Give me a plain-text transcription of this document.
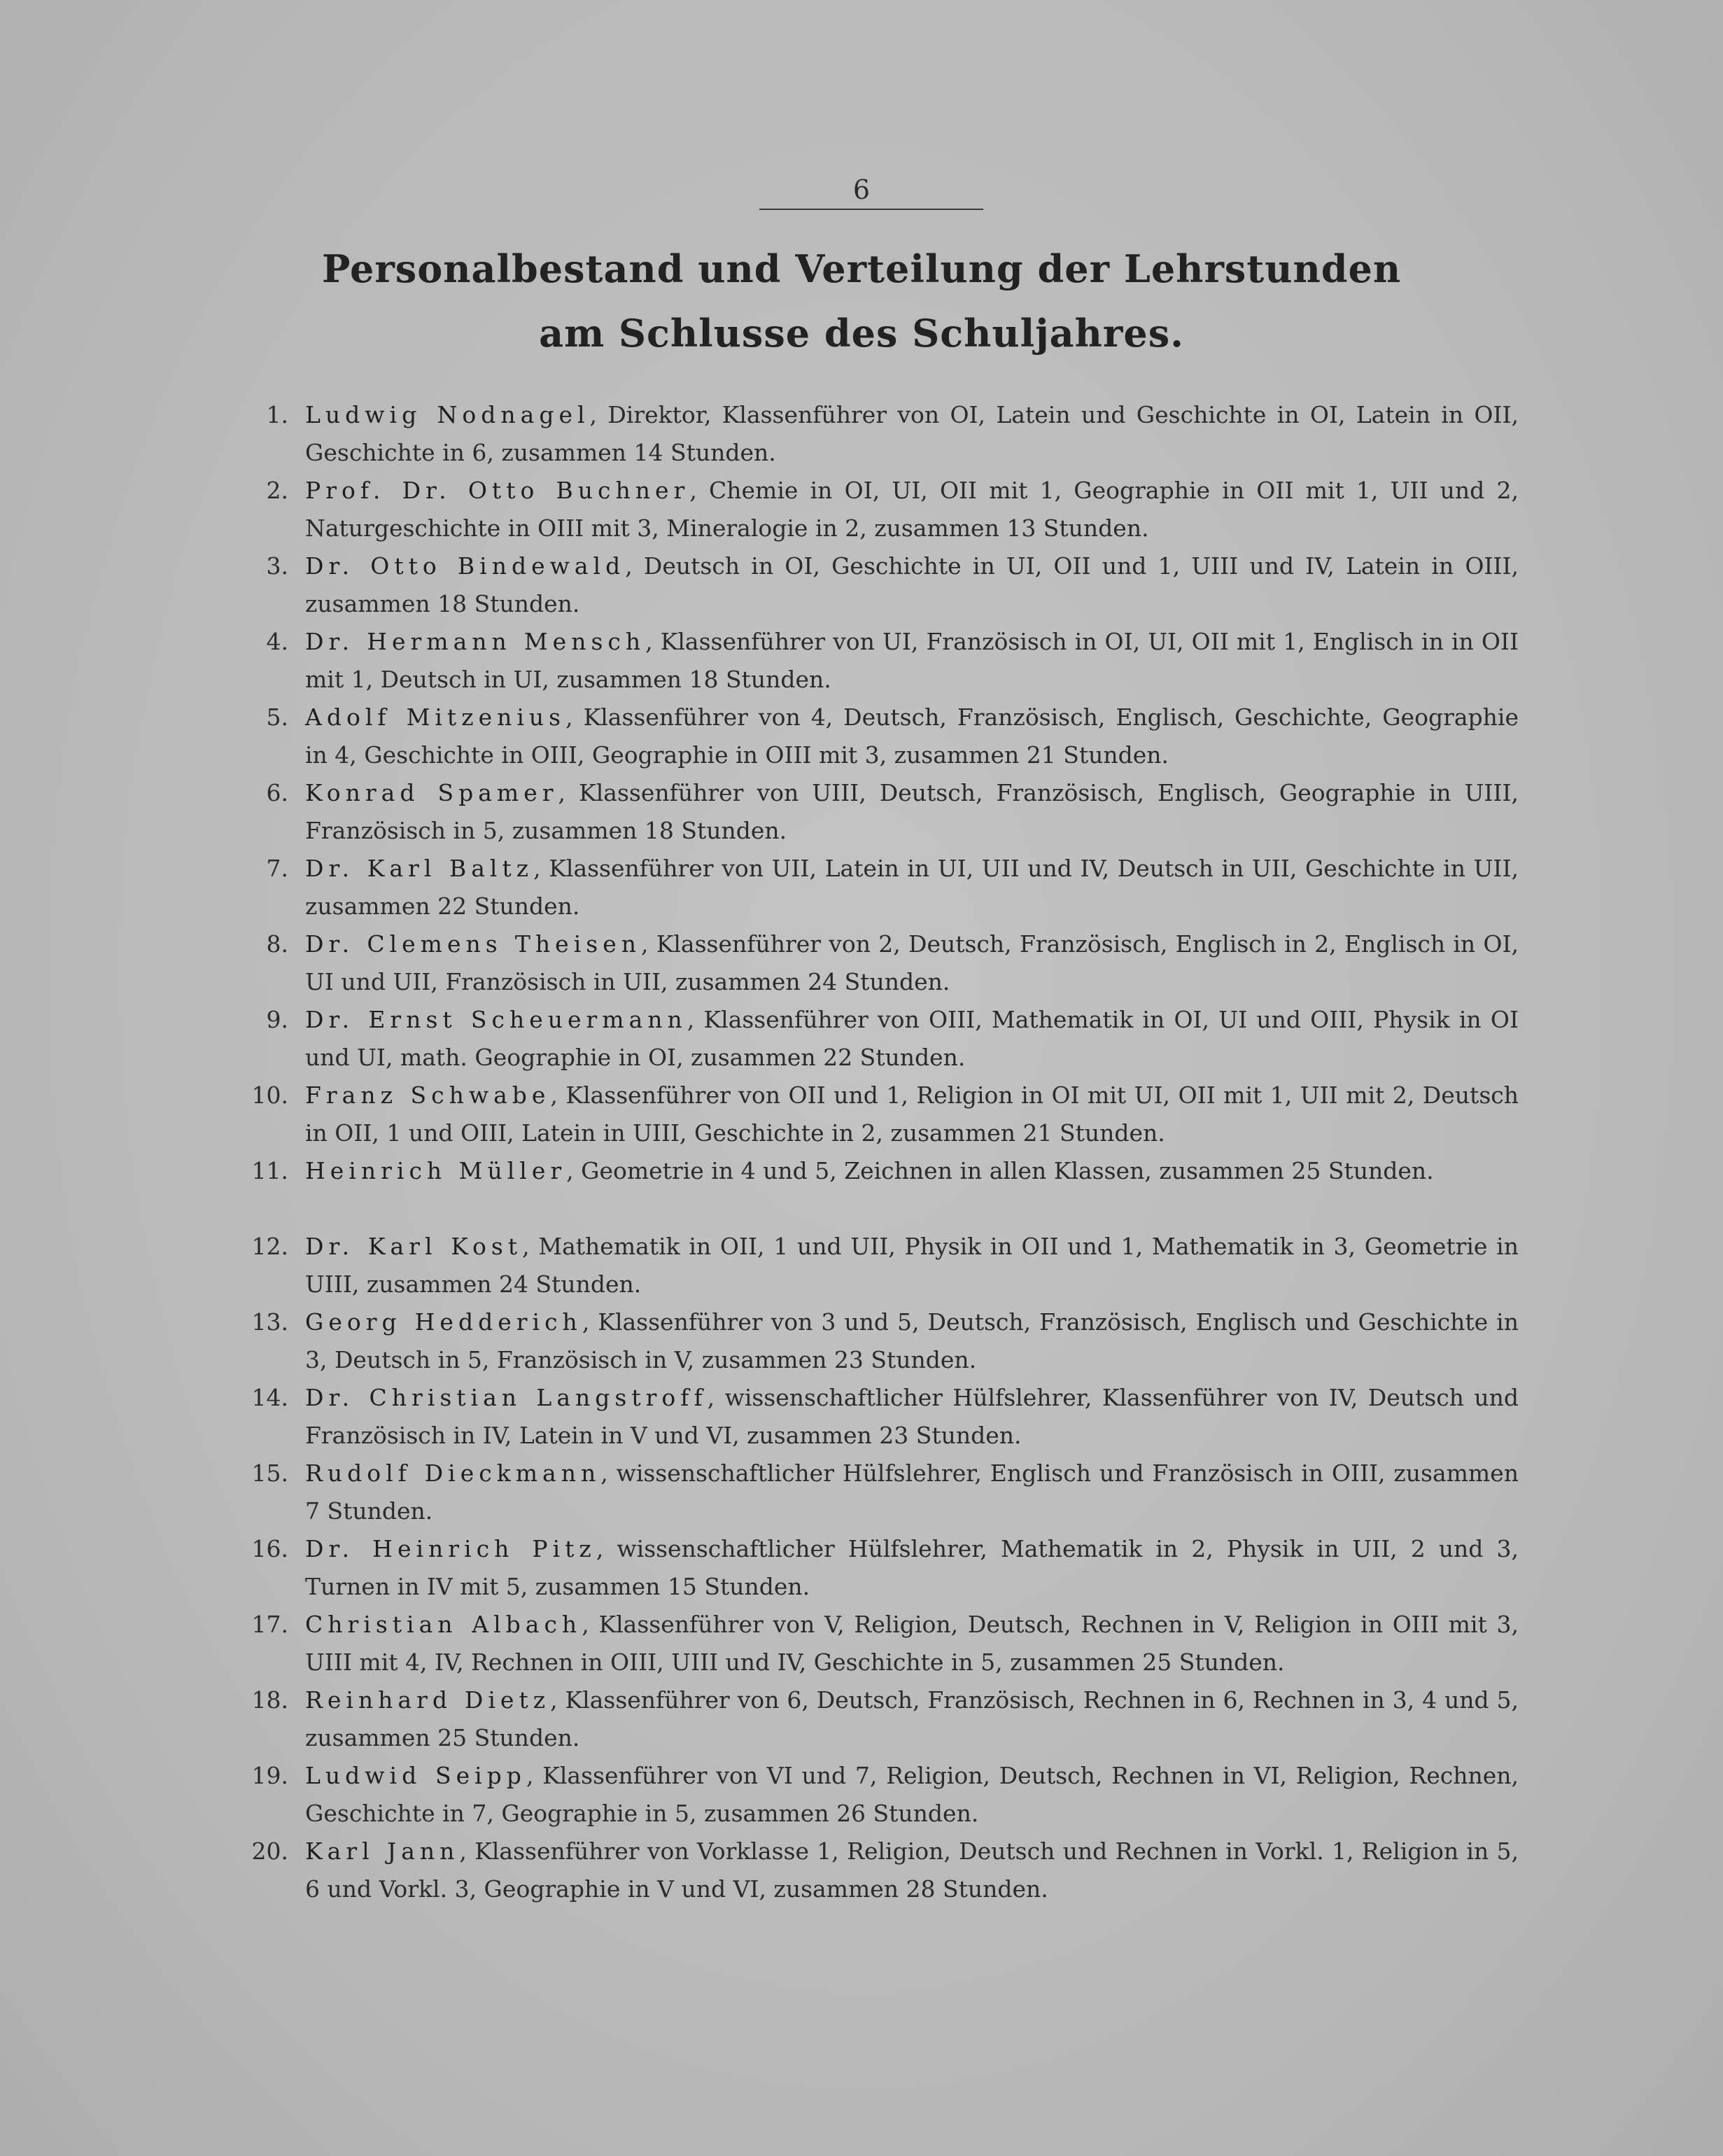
6
Personalbestand und Verteilung der Lehrstunden
am Schlusse des Schuljahres.
1. Ludwig Nodnagel, Direktor, Klassenführer von OI, Latein und Geschichte in OI, Latein in OII, Geschichte in 6, zusammen 14 Stunden.
2. Prof. Dr. Otto Buchner, Chemie in OI, UI, OII mit 1, Geographie in OII mit 1, UII und 2, Naturgeschichte in OIII mit 3, Mineralogie in 2, zusammen 13 Stunden.
3. Dr. Otto Bindewald, Deutsch in OI, Geschichte in UI, OII und 1, UIII und IV, Latein in OIII, zusammen 18 Stunden.
4. Dr. Hermann Mensch, Klassenführer von UI, Französisch in OI, UI, OII mit 1, Englisch in in OII mit 1, Deutsch in UI, zusammen 18 Stunden.
5. Adolf Mitzenius, Klassenführer von 4, Deutsch, Französisch, Englisch, Geschichte, Geographie in 4, Geschichte in OIII, Geographie in OIII mit 3, zusammen 21 Stunden.
6. Konrad Spamer, Klassenführer von UIII, Deutsch, Französisch, Englisch, Geographie in UIII, Französisch in 5, zusammen 18 Stunden.
7. Dr. Karl Baltz, Klassenführer von UII, Latein in UI, UII und IV, Deutsch in UII, Geschichte in UII, zusammen 22 Stunden.
8. Dr. Clemens Theisen, Klassenführer von 2, Deutsch, Französisch, Englisch in 2, Englisch in OI, UI und UII, Französisch in UII, zusammen 24 Stunden.
9. Dr. Ernst Scheuermann, Klassenführer von OIII, Mathematik in OI, UI und OIII, Physik in OI und UI, math. Geographie in OI, zusammen 22 Stunden.
10. Franz Schwabe, Klassenführer von OII und 1, Religion in OI mit UI, OII mit 1, UII mit 2, Deutsch in OII, 1 und OIII, Latein in UIII, Geschichte in 2, zusammen 21 Stunden.
11. Heinrich Müller, Geometrie in 4 und 5, Zeichnen in allen Klassen, zusammen 25 Stunden.
12. Dr. Karl Kost, Mathematik in OII, 1 und UII, Physik in OII und 1, Mathematik in 3, Geometrie in UIII, zusammen 24 Stunden.
13. Georg Hedderich, Klassenführer von 3 und 5, Deutsch, Französisch, Englisch und Geschichte in 3, Deutsch in 5, Französisch in V, zusammen 23 Stunden.
14. Dr. Christian Langstroff, wissenschaftlicher Hülfslehrer, Klassenführer von IV, Deutsch und Französisch in IV, Latein in V und VI, zusammen 23 Stunden.
15. Rudolf Dieckmann, wissenschaftlicher Hülfslehrer, Englisch und Französisch in OIII, zusammen 7 Stunden.
16. Dr. Heinrich Pitz, wissenschaftlicher Hülfslehrer, Mathematik in 2, Physik in UII, 2 und 3, Turnen in IV mit 5, zusammen 15 Stunden.
17. Christian Albach, Klassenführer von V, Religion, Deutsch, Rechnen in V, Religion in OIII mit 3, UIII mit 4, IV, Rechnen in OIII, UIII und IV, Geschichte in 5, zusammen 25 Stunden.
18. Reinhard Dietz, Klassenführer von 6, Deutsch, Französisch, Rechnen in 6, Rechnen in 3, 4 und 5, zusammen 25 Stunden.
19. Ludwid Seipp, Klassenführer von VI und 7, Religion, Deutsch, Rechnen in VI, Religion, Rechnen, Geschichte in 7, Geographie in 5, zusammen 26 Stunden.
20. Karl Jann, Klassenführer von Vorklasse 1, Religion, Deutsch und Rechnen in Vorkl. 1, Religion in 5, 6 und Vorkl. 3, Geographie in V und VI, zusammen 28 Stunden.
